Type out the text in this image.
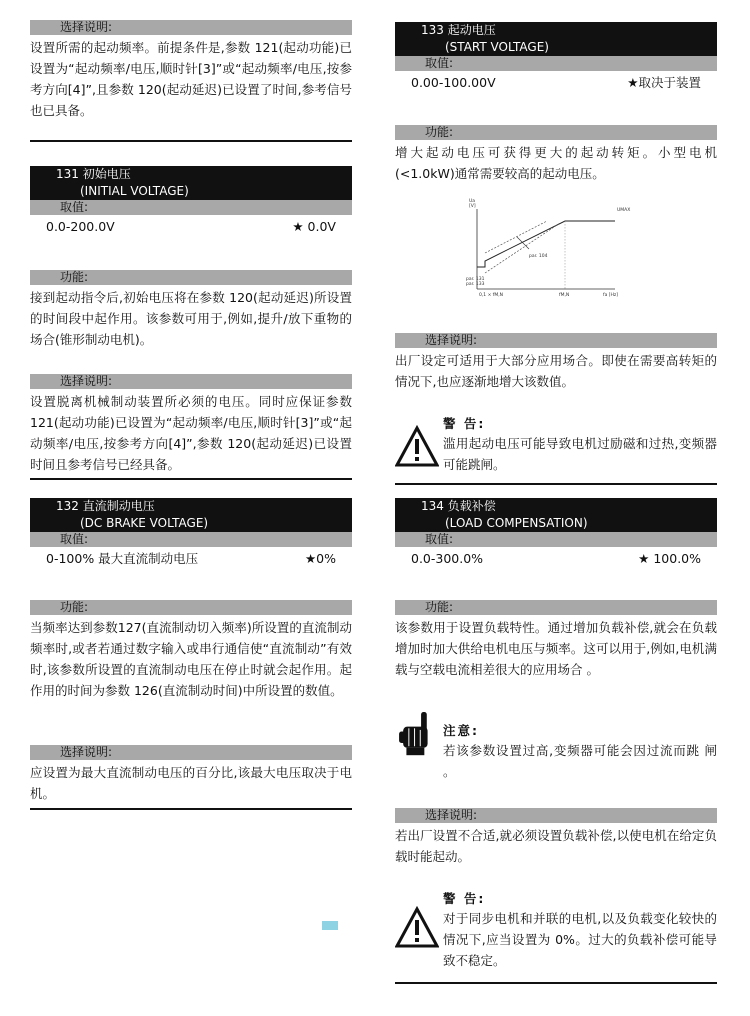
选择说明:

设置所需的起动频率。前提条件是,参数 121(起动功能)已设置为“起动频率/电压,顺时针[3]”或“起动频率/电压,按参考方向[4]”,且参数 120(起动延迟)已设置了时间,参考信号也已具备。

131 初始电压
(INITIAL VOLTAGE)
取值:
0.0-200.0V	★ 0.0V
功能:

接到起动指令后,初始电压将在参数 120(起动延迟)所设置的时间段中起作用。该参数可用于,例如,提升/放下重物的场合(锥形制动电机)。

选择说明:

设置脱离机械制动装置所必须的电压。同时应保证参数 121(起动功能)已设置为“起动频率/电压,顺时针[3]”或“起动频率/电压,按参考方向[4]”,参数 120(起动延迟)已设置时间且参考信号已经具备。

132 直流制动电压
(DC BRAKE VOLTAGE)
取值:
0-100% 最大直流制动电压	★0%
功能:

当频率达到参数127(直流制动切入频率)所设置的直流制动频率时,或者若通过数字输入或串行通信使“直流制动”有效时,该参数所设置的直流制动电压在停止时就会起作用。起作用的时间为参数 126(直流制动时间)中所设置的数值。

选择说明:

应设置为最大直流制动电压的百分比,该最大电压取决于电机。

133 起动电压
(START VOLTAGE)
取值:
0.00-100.00V	★取决于装置
功能:

增大起动电压可获得更大的起动转矩。小型电机(<1.0kW)通常需要较高的起动电压。

Ua
[V]
UMAX
par. 104
par. 131
par. 133
0,1 × fM,N	fM,N	fa [Hz]
选择说明:

出厂设定可适用于大部分应用场合。即使在需要高转矩的情况下,也应逐渐地增大该数值。

警 告:

滥用起动电压可能导致电机过励磁和过热,变频器可能跳闸。

134 负载补偿
(LOAD COMPENSATION)
取值:
0.0-300.0%	★ 100.0%
功能:

该参数用于设置负载特性。通过增加负载补偿,就会在负载增加时加大供给电机电压与频率。这可以用于,例如,电机满载与空载电流相差很大的应用场合 。

注意:

若该参数设置过高,变频器可能会因过流而跳 闸 。

选择说明:

若出厂设置不合适,就必须设置负载补偿,以使电机在给定负载时能起动。

警 告:

对于同步电机和并联的电机,以及负载变化较快的情况下,应当设置为 0%。过大的负载补偿可能导致不稳定。
